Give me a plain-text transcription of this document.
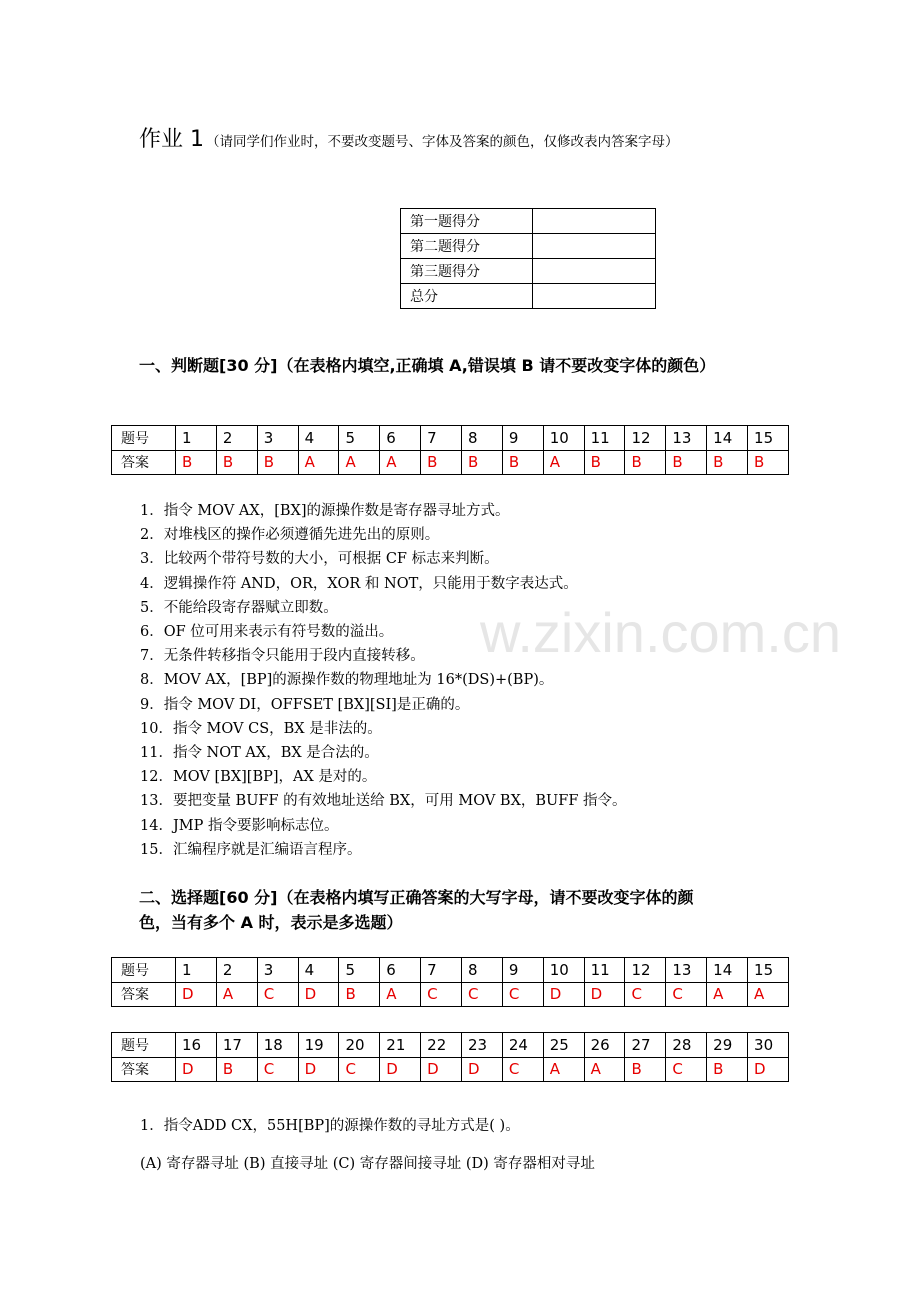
w.zixin.com.cn
作业 1 （请同学们作业时，不要改变题号、字体及答案的颜色，仅修改表内答案字母）
第一题得分	
第二题得分	
第三题得分	
总分	
一、判断题[30 分]（在表格内填空,正确填 A,错误填 B 请不要改变字体的颜色）
题号	1	2	3	4	5	6	7	8	9	10	11	12	13	14	15
答案	B	B	B	A	A	A	B	B	B	A	B	B	B	B	B
1．指令 MOV AX，[BX]的源操作数是寄存器寻址方式。
2．对堆栈区的操作必须遵循先进先出的原则。
3．比较两个带符号数的大小，可根据 CF 标志来判断。
4．逻辑操作符 AND，OR，XOR 和 NOT，只能用于数字表达式。
5．不能给段寄存器赋立即数。
6．OF 位可用来表示有符号数的溢出。
7．无条件转移指令只能用于段内直接转移。
8．MOV AX，[BP]的源操作数的物理地址为 16*(DS)+(BP)。
9．指令 MOV DI，OFFSET [BX][SI]是正确的。
10．指令 MOV CS，BX 是非法的。
11．指令 NOT AX，BX 是合法的。
12．MOV [BX][BP]，AX 是对的。
13．要把变量 BUFF 的有效地址送给 BX，可用 MOV BX，BUFF 指令。
14．JMP 指令要影响标志位。
15．汇编程序就是汇编语言程序。
二、选择题[60 分]（在表格内填写正确答案的大写字母，请不要改变字体的颜
色，当有多个 A 时，表示是多选题）
题号	1	2	3	4	5	6	7	8	9	10	11	12	13	14	15
答案	D	A	C	D	B	A	C	C	C	D	D	C	C	A	A
题号	16	17	18	19	20	21	22	23	24	25	26	27	28	29	30
答案	D	B	C	D	C	D	D	D	C	A	A	B	C	B	D
1．指令ADD CX，55H[BP]的源操作数的寻址方式是( )。
(A) 寄存器寻址 (B) 直接寻址 (C) 寄存器间接寻址 (D) 寄存器相对寻址
